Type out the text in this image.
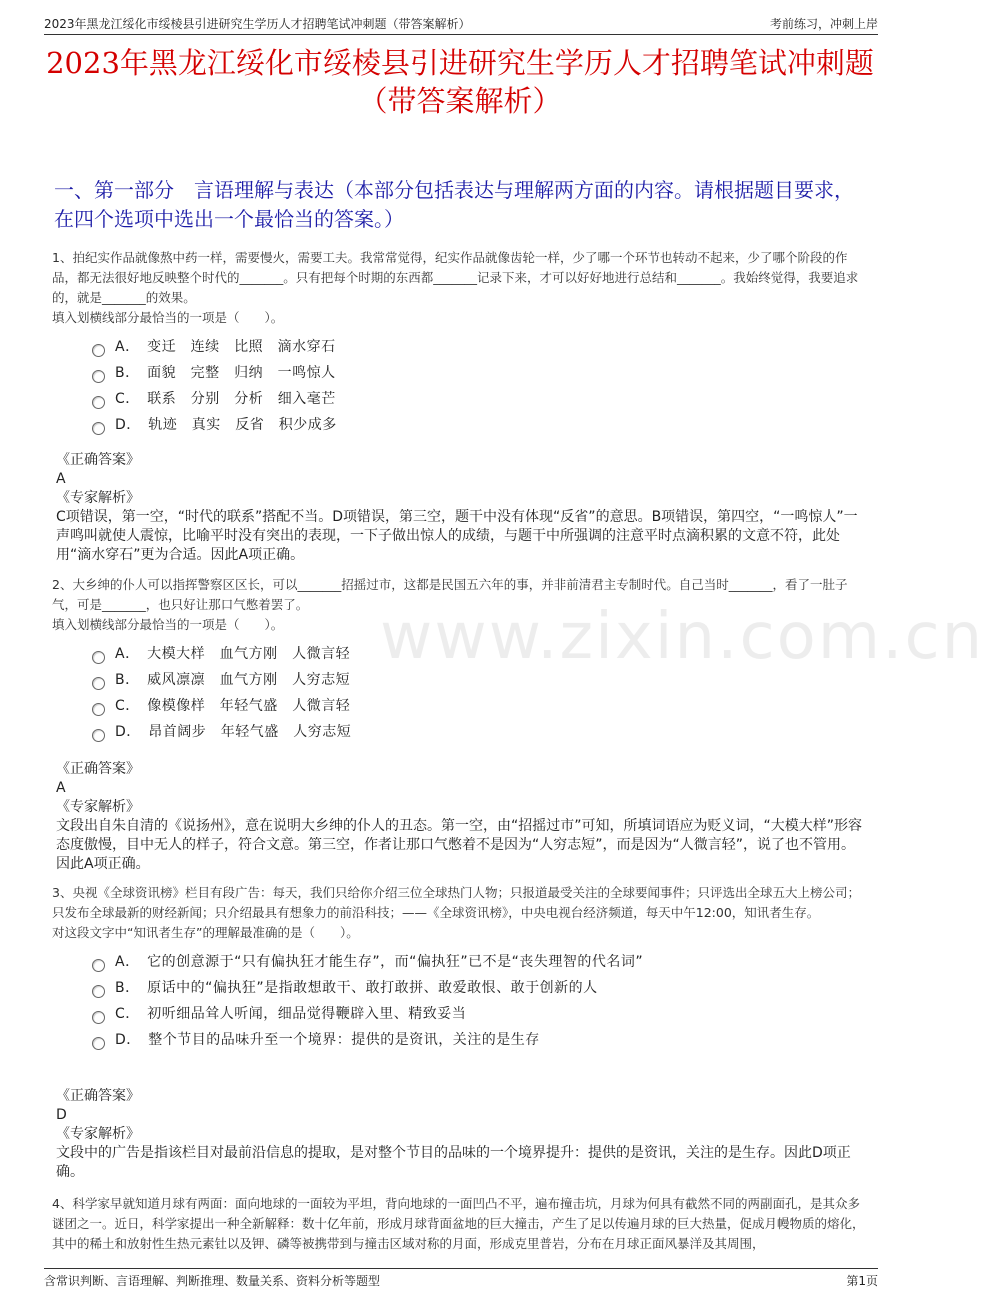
2023年黑龙江绥化市绥棱县引进研究生学历人才招聘笔试冲刺题（带答案解析）	考前练习，冲刺上岸
2023年黑龙江绥化市绥棱县引进研究生学历人才招聘笔试冲刺题（带答案解析）
一、第一部分　言语理解与表达（本部分包括表达与理解两方面的内容。请根据题目要求，在四个选项中选出一个最恰当的答案。）
www.zixin.com.cn

1、拍纪实作品就像熬中药一样，需要慢火，需要工夫。我常常觉得，纪实作品就像齿轮一样，少了哪一个环节也转动不起来，少了哪个阶段的作品，都无法很好地反映整个时代的_______。只有把每个时期的东西都_______记录下来，才可以好好地进行总结和_______。我始终觉得，我要追求的，就是_______的效果。

填入划横线部分最恰当的一项是（　　）。

A．　变迁　连续　比照　滴水穿石
B．　面貌　完整　归纳　一鸣惊人
C．　联系　分别　分析　细入毫芒
D．　轨迹　真实　反省　积少成多

《正确答案》

A

《专家解析》

C项错误，第一空，“时代的联系”搭配不当。D项错误，第三空，题干中没有体现“反省”的意思。B项错误，第四空，“一鸣惊人”一声鸣叫就使人震惊，比喻平时没有突出的表现，一下子做出惊人的成绩，与题干中所强调的注意平时点滴积累的文意不符，此处用“滴水穿石”更为合适。因此A项正确。

2、大乡绅的仆人可以指挥警察区区长，可以_______招摇过市，这都是民国五六年的事，并非前清君主专制时代。自己当时_______，看了一肚子气，可是_______，也只好让那口气憋着罢了。

填入划横线部分最恰当的一项是（　　）。

A．　大模大样　血气方刚　人微言轻
B．　威风凛凛　血气方刚　人穷志短
C．　像模像样　年轻气盛　人微言轻
D．　昂首阔步　年轻气盛　人穷志短

《正确答案》

A

《专家解析》

文段出自朱自清的《说扬州》，意在说明大乡绅的仆人的丑态。第一空，由“招摇过市”可知，所填词语应为贬义词，“大模大样”形容态度傲慢，目中无人的样子，符合文意。第三空，作者让那口气憋着不是因为“人穷志短”，而是因为“人微言轻”，说了也不管用。因此A项正确。

3、央视《全球资讯榜》栏目有段广告：每天，我们只给你介绍三位全球热门人物；只报道最受关注的全球要闻事件；只评选出全球五大上榜公司；只发布全球最新的财经新闻；只介绍最具有想象力的前沿科技；——《全球资讯榜》，中央电视台经济频道，每天中午12:00，知讯者生存。

对这段文字中“知讯者生存”的理解最准确的是（　　）。

A．　它的创意源于“只有偏执狂才能生存”，而“偏执狂”已不是“丧失理智的代名词”
B．　原话中的“偏执狂”是指敢想敢干、敢打敢拼、敢爱敢恨、敢于创新的人
C．　初听细品耸人听闻，细品觉得鞭辟入里、精致妥当
D．　整个节目的品味升至一个境界：提供的是资讯，关注的是生存

《正确答案》

D

《专家解析》

文段中的广告是指该栏目对最前沿信息的提取，是对整个节目的品味的一个境界提升：提供的是资讯，关注的是生存。因此D项正确。

4、科学家早就知道月球有两面：面向地球的一面较为平坦，背向地球的一面凹凸不平，遍布撞击坑，月球为何具有截然不同的两副面孔，是其众多谜团之一。近日，科学家提出一种全新解释：数十亿年前，形成月球背面盆地的巨大撞击，产生了足以传遍月球的巨大热量，促成月幔物质的熔化，其中的稀土和放射性生热元素钍以及钾、磷等被携带到与撞击区域对称的月面，形成克里普岩，分布在月球正面风暴洋及其周围，

含常识判断、言语理解、判断推理、数量关系、资料分析等题型	第1页
